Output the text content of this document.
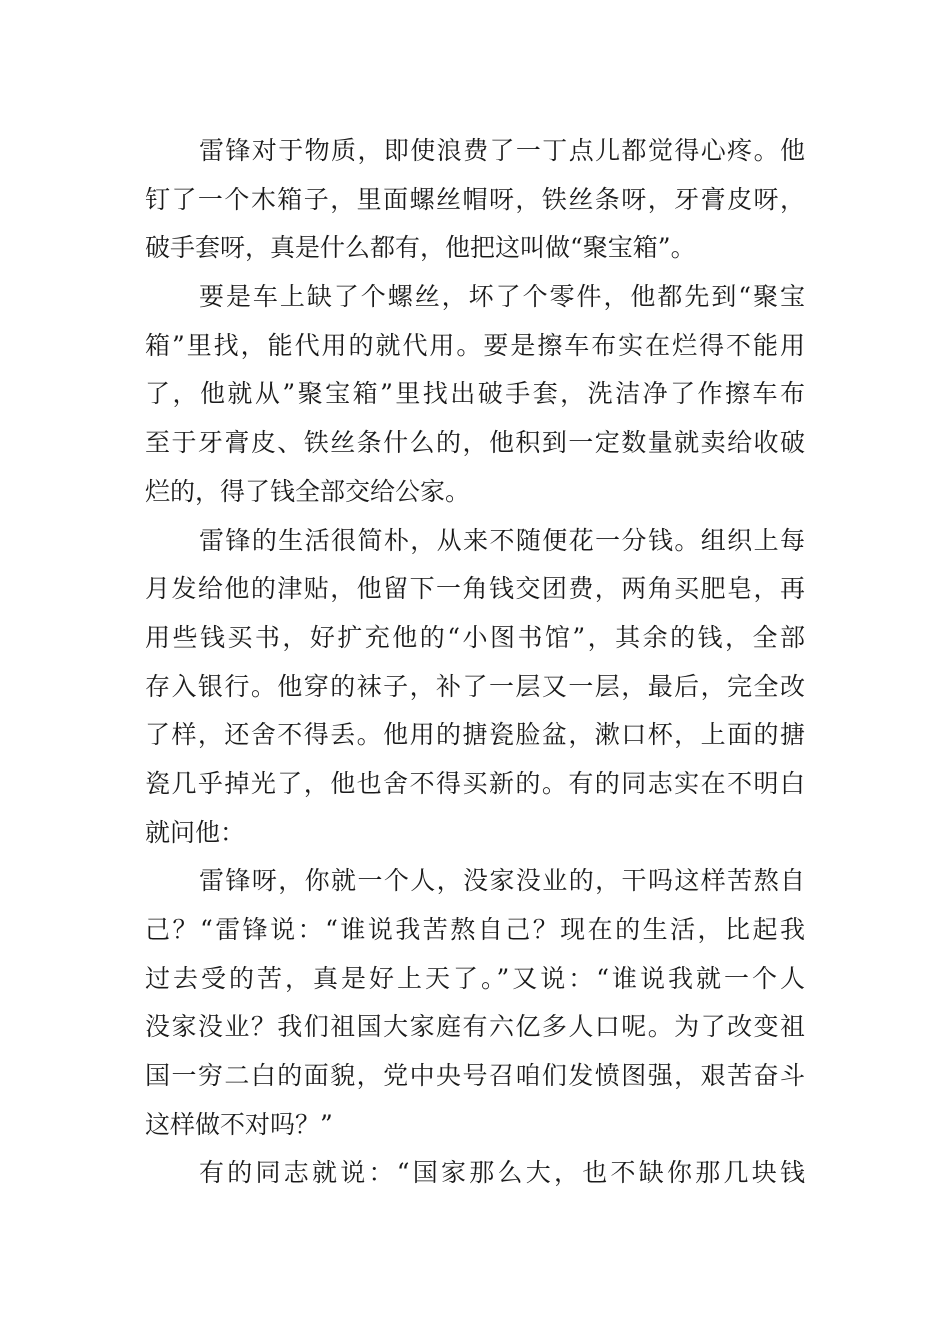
雷锋对于物质，即使浪费了一丁点儿都觉得心疼。他
钉了一个木箱子，里面螺丝帽呀，铁丝条呀，牙膏皮呀，
破手套呀，真是什么都有，他把这叫做“聚宝箱”。
要是车上缺了个螺丝，坏了个零件，他都先到“聚宝
箱”里找，能代用的就代用。要是擦车布实在烂得不能用
了，他就从”聚宝箱”里找出破手套，洗洁净了作擦车布
至于牙膏皮、铁丝条什么的，他积到一定数量就卖给收破
烂的，得了钱全部交给公家。
雷锋的生活很简朴，从来不随便花一分钱。组织上每
月发给他的津贴，他留下一角钱交团费，两角买肥皂，再
用些钱买书，好扩充他的“小图书馆”，其余的钱，全部
存入银行。他穿的袜子，补了一层又一层，最后，完全改
了样，还舍不得丢。他用的搪瓷脸盆，漱口杯，上面的搪
瓷几乎掉光了，他也舍不得买新的。有的同志实在不明白
就问他：
雷锋呀，你就一个人，没家没业的，干吗这样苦熬自
己？“雷锋说：“谁说我苦熬自己？现在的生活，比起我
过去受的苦，真是好上天了。”又说：“谁说我就一个人
没家没业？我们祖国大家庭有六亿多人口呢。为了改变祖
国一穷二白的面貌，党中央号召咱们发愤图强，艰苦奋斗
这样做不对吗？”
有的同志就说：“国家那么大，也不缺你那几块钱
